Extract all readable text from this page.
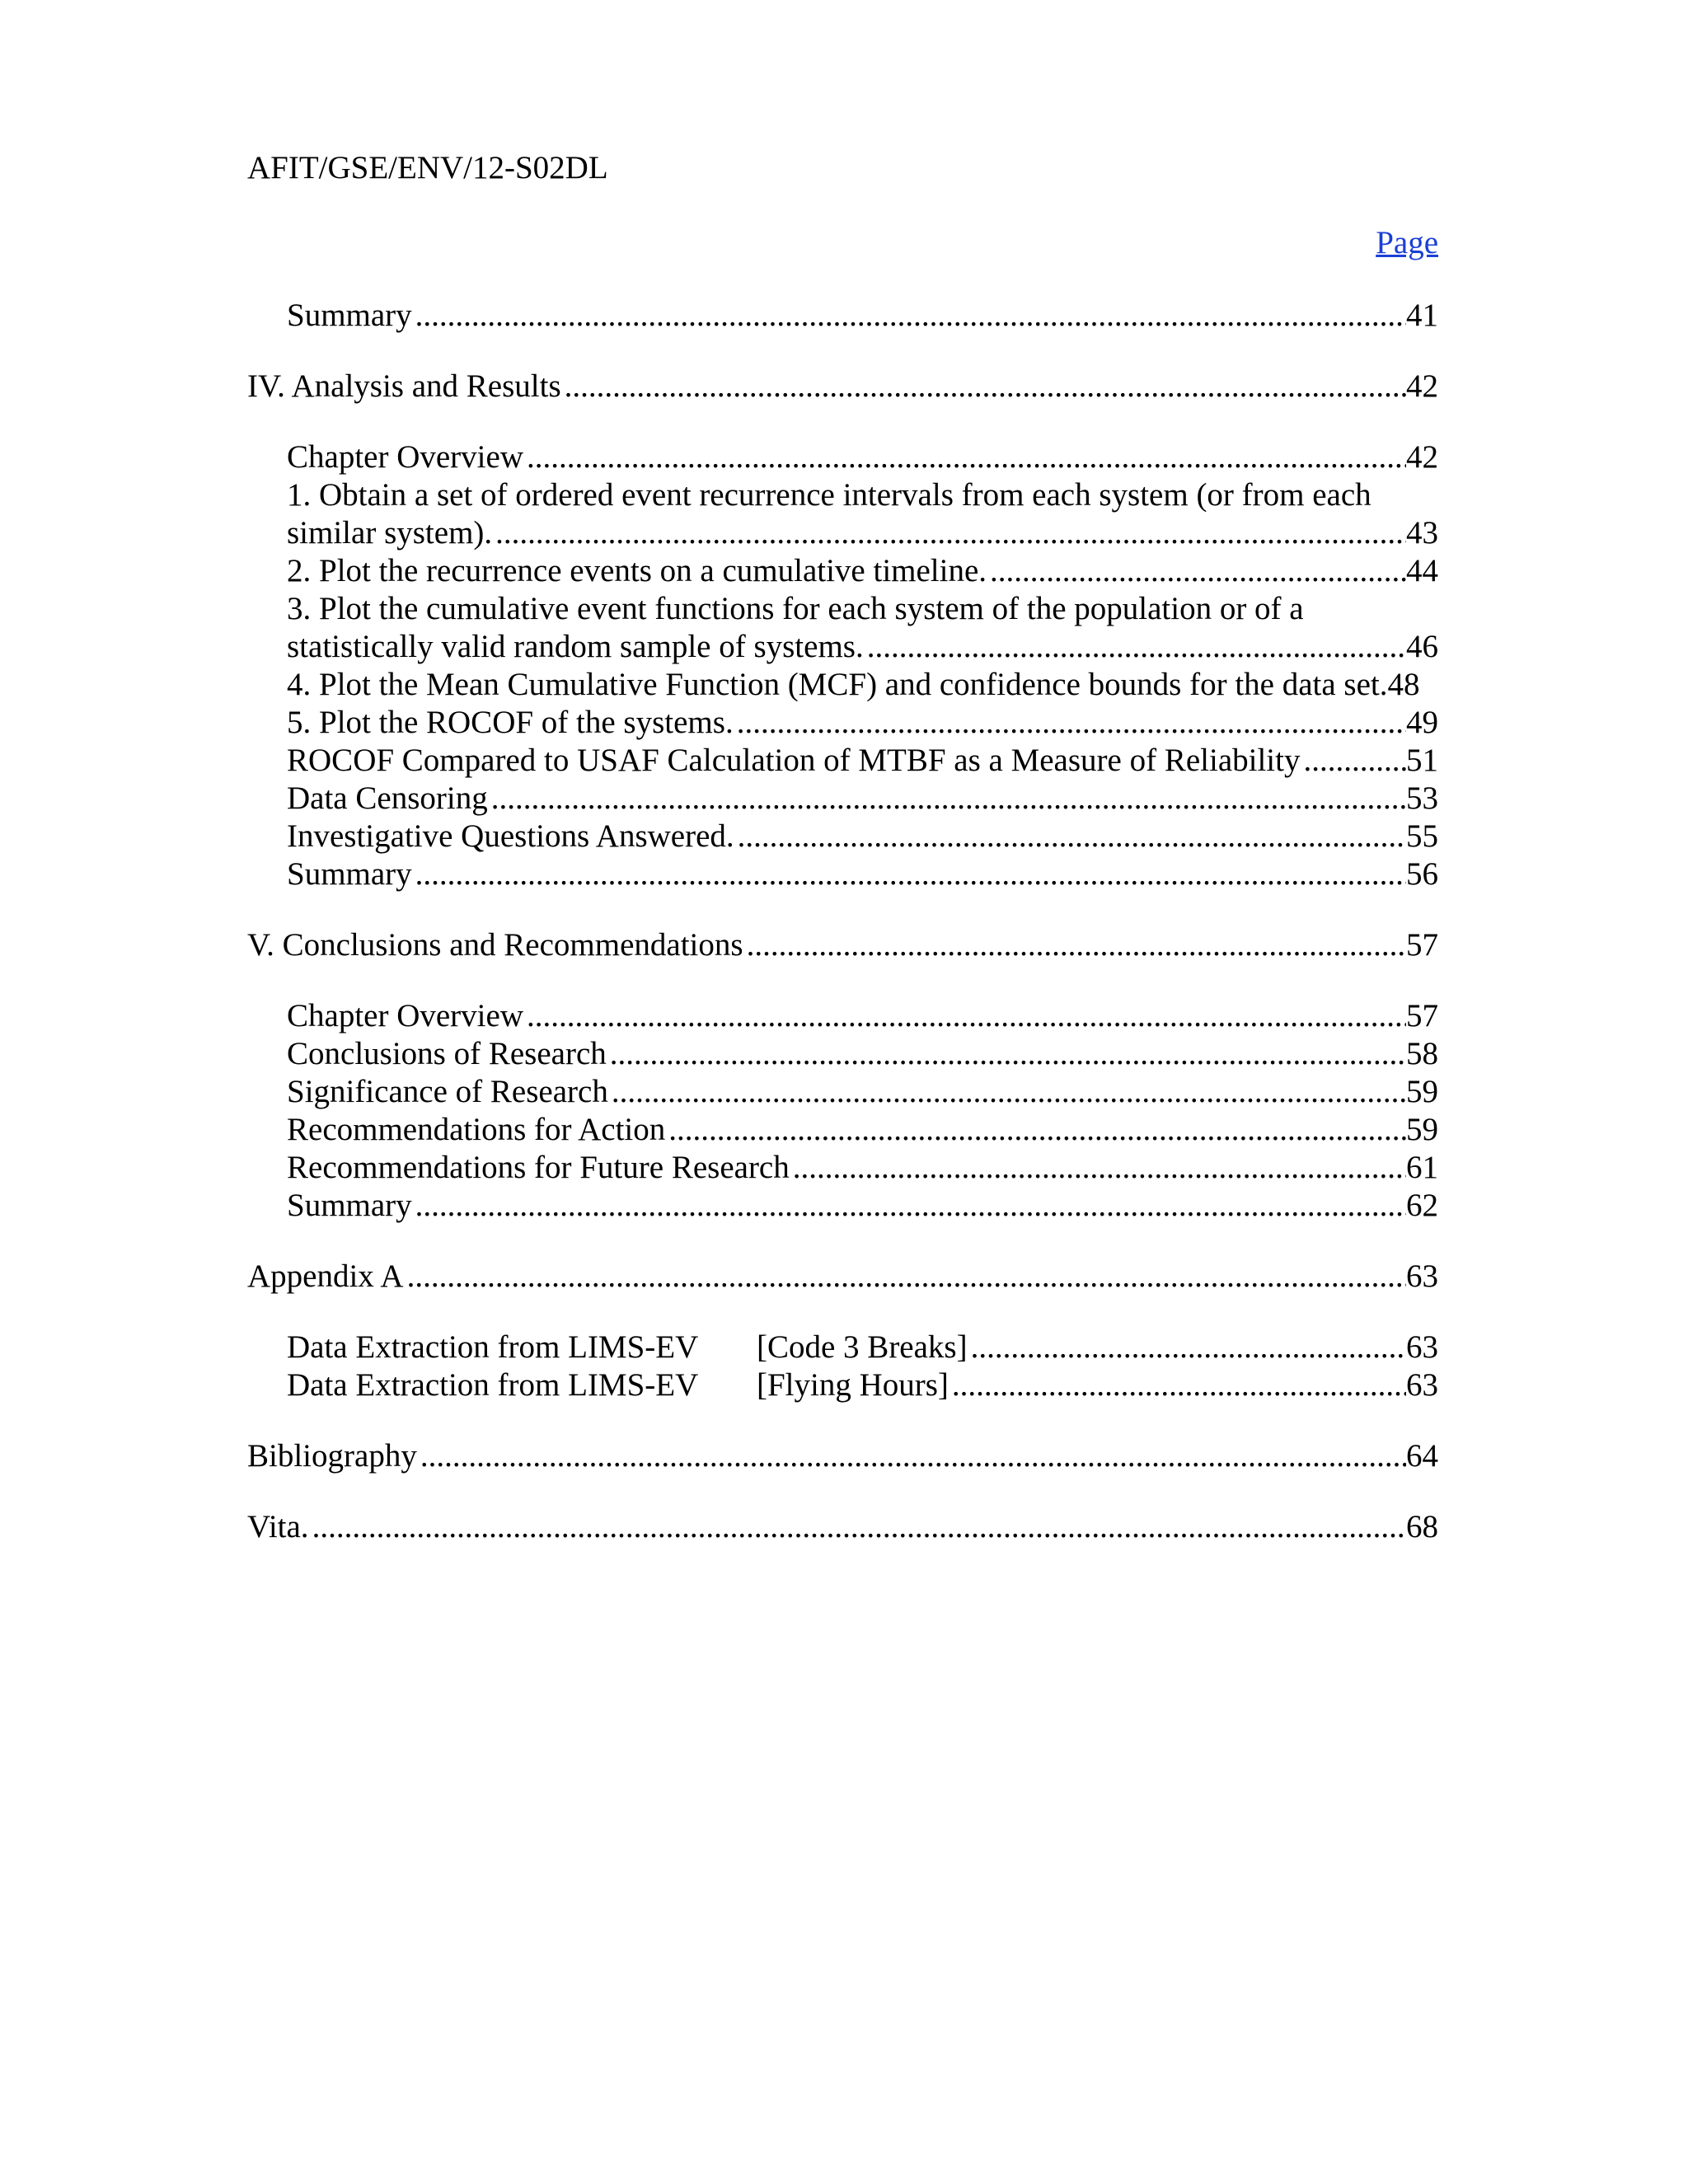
AFIT/GSE/ENV/12-S02DL
Page
Summary .....	41
IV. Analysis and Results .....	42
Chapter Overview .....	42
1. Obtain a set of ordered event recurrence intervals from each system (or from each
similar system). .....	43
2. Plot the recurrence events on a cumulative timeline. .....	44
3. Plot the cumulative event functions for each system of the population or of a
statistically valid random sample of systems. .....	46
4. Plot the Mean Cumulative Function (MCF) and confidence bounds for the data set.48
5. Plot the ROCOF of the systems. .....	49
ROCOF Compared to USAF Calculation of MTBF as a Measure of Reliability .....	51
Data Censoring .....	53
Investigative Questions Answered. .....	55
Summary .....	56
V. Conclusions and Recommendations .....	57
Chapter Overview .....	57
Conclusions of Research .....	58
Significance of Research .....	59
Recommendations for Action .....	59
Recommendations for Future Research .....	61
Summary .....	62
Appendix A .....	63
Data Extraction from LIMS-EV	[Code 3 Breaks] .....	63
Data Extraction from LIMS-EV	[Flying Hours] .....	63
Bibliography .....	64
Vita. .....	68
